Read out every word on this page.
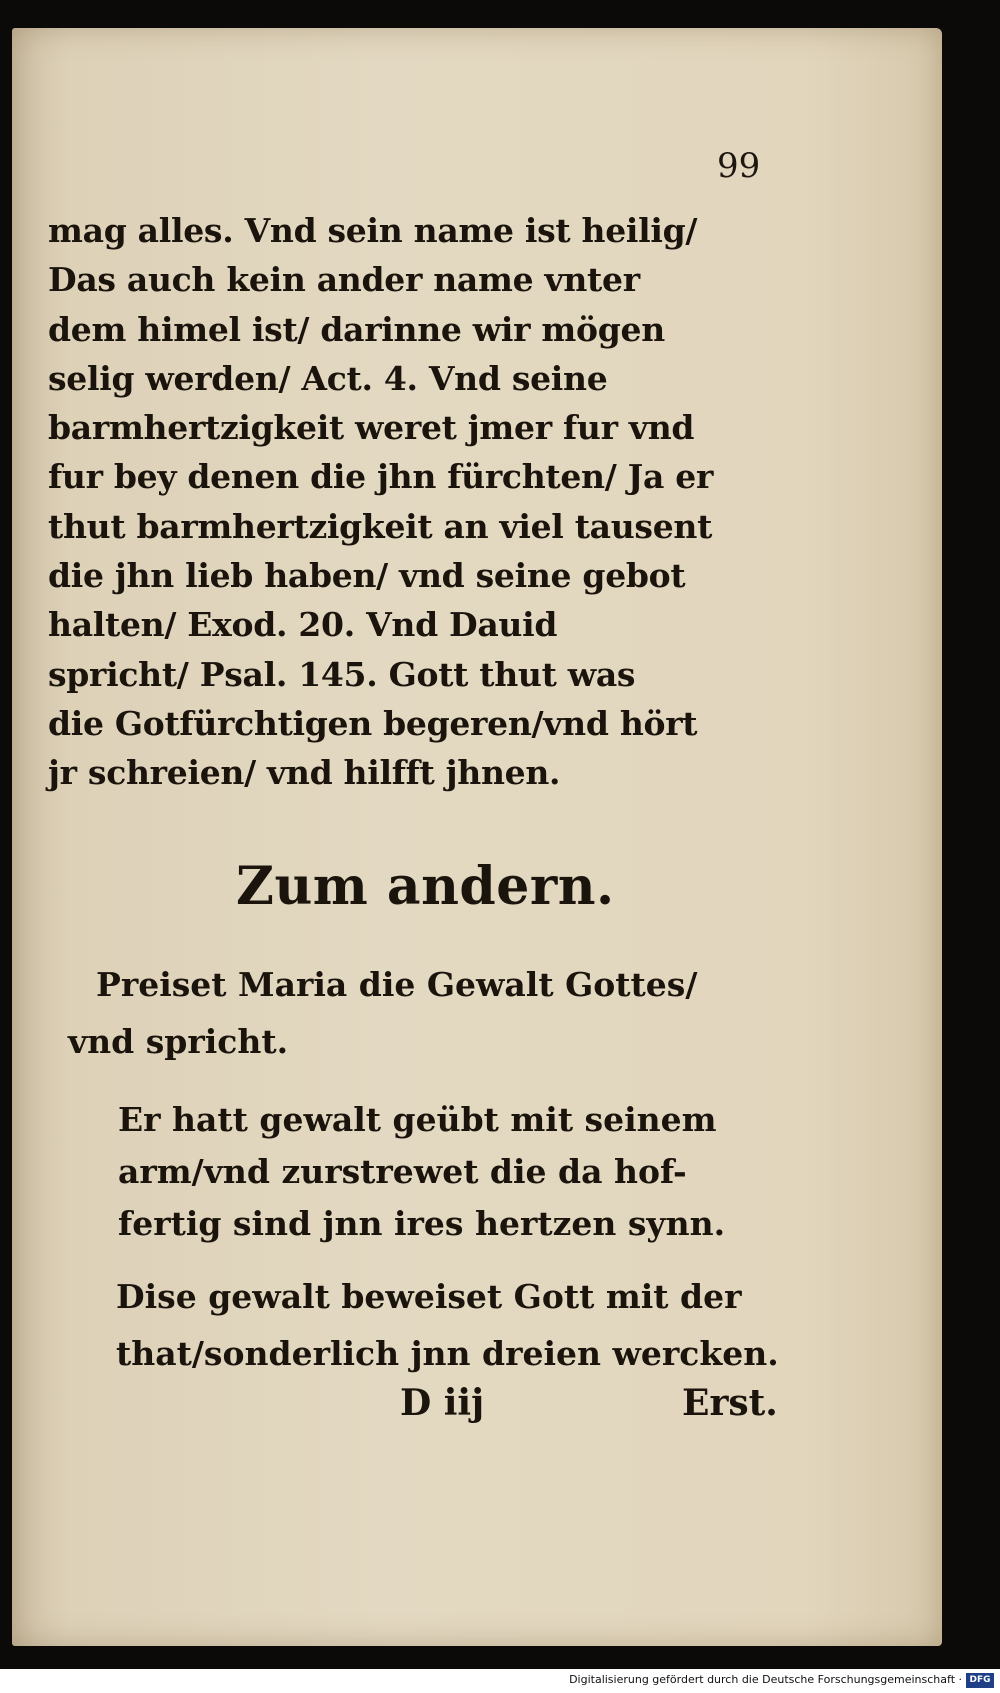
99

mag alles. Vnd sein name ist heilig/
Das auch kein ander name vnter
dem himel ist/ darinne wir mögen
selig werden/ Act. 4. Vnd seine
barmhertzigkeit weret jmer fur vnd
fur bey denen die jhn fürchten/ Ja er
thut barmhertzigkeit an viel tausent
die jhn lieb haben/ vnd seine gebot
halten/ Exod. 20. Vnd Dauid
spricht/ Psal. 145. Gott thut was
die Gotfürchtigen begeren/vnd hört
jr schreien/ vnd hilfft jhnen.
Zum andern.
Preiset Maria die Gewalt Gottes/
vnd spricht.
Er hatt gewalt geübt mit seinem
arm/vnd zurstrewet die da hof-
fertig sind jnn ires hertzen synn.
Dise gewalt beweiset Gott mit der
that/sonderlich jnn dreien wercken.

D iij	Erst.

Digitalisierung gefördert durch die Deutsche Forschungsgemeinschaft · DFG
